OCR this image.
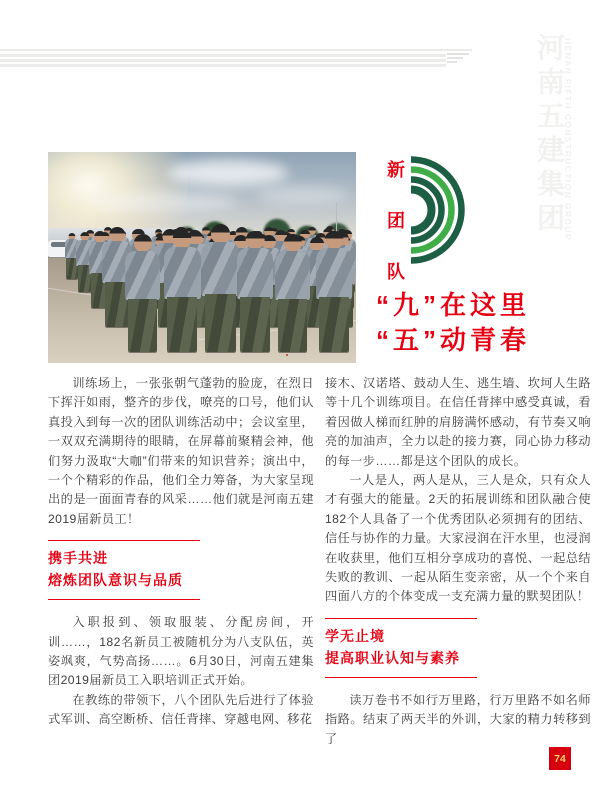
河南五建集团
HENAN FIFTH CONSTRUCTION GROUP
新
团
队
“九”在这里
“五”动青春

训练场上，一张张朝气蓬勃的脸庞，在烈日下挥汗如雨，整齐的步伐，嘹亮的口号，他们认真投入到每一次的团队训练活动中；会议室里，一双双充满期待的眼睛，在屏幕前聚精会神，他们努力汲取“大咖”们带来的知识营养；演出中，一个个精彩的作品，他们全力筹备，为大家呈现出的是一面面青春的风采……他们就是河南五建2019届新员工！

携手共进
熔炼团队意识与品质

入职报到、领取服装、分配房间，开训……，182名新员工被随机分为八支队伍，英姿飒爽，气势高扬……。6月30日，河南五建集团2019届新员工入职培训正式开始。

在教练的带领下，八个团队先后进行了体验式军训、高空断桥、信任背摔、穿越电网、移花

接木、汉诺塔、鼓动人生、逃生墙、坎坷人生路等十几个训练项目。在信任背摔中感受真诚，看着因做人梯而红肿的肩膀满怀感动，有节奏又响亮的加油声，全力以赴的接力赛，同心协力移动的每一步……都是这个团队的成长。

一人是人，两人是从，三人是众，只有众人才有强大的能量。2天的拓展训练和团队融合使182个人具备了一个优秀团队必须拥有的团结、信任与协作的力量。大家浸润在汗水里，也浸润在收获里，他们互相分享成功的喜悦、一起总结失败的教训、一起从陌生变亲密，从一个个来自四面八方的个体变成一支充满力量的默契团队！

学无止境
提高职业认知与素养

读万卷书不如行万里路，行万里路不如名师指路。结束了两天半的外训，大家的精力转移到了

74
